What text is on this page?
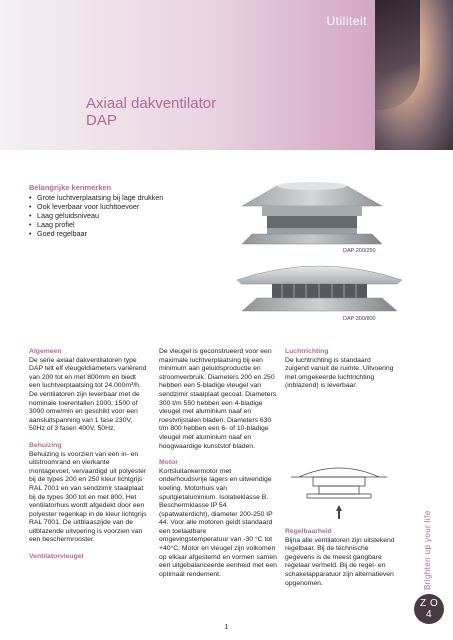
Utiliteit
Axiaal dakventilator
DAP
Belangrijke kenmerken
• Grote luchtverplaatsing bij lage drukken
• Ook leverbaar voor luchttoevoer
• Laag geluidsniveau
• Laag profiel
• Goed regelbaar
DAP 200/250
DAP 300/800
Algemeen

De serie axiaal dakventilatoren type DAP telt elf vleugeldiameters variërend van 200 tot en met 800mm en biedt een luchtverplaatsing tot 24.000m³/h. De ventilatoren zijn leverbaar met de nominale toerentallen 1000, 1500 of 3000 omw/min en geschikt voor een aansluitspanning van 1 fase 230V, 50Hz of 3 fasen 400V, 50Hz.

Behuizing

Behuizing is voorzien van een in- en uitstroomrand en vierkante montagevoet, vervaardigd uit polyester bij de types 200 en 250 kleur lichtgrijs RAL 7001 en van sendzimir staalplaat bij de types 300 tot en met 800. Het ventilatorhuis wordt afgedekt door een polyester regenkap in de kleur lichtgrijs RAL 7001. De uitblaaszijde van de uitblazende uitvoering is voorzien van een beschermrooster.

Ventilatorvleugel

De vleugel is geconstrueerd voor een maximale luchtverplaatsing bij een minimum aan geluidsproductie en stroomverbruik. Diameters 200 en 250 hebben een 5-bladige vleugel van sendzimir staalplaat gecoat. Diameters 300 t/m 550 hebben een 4-bladige vleugel met aluminium naaf en roestvrijstalen bladen. Diameters 630 t/m 800 hebben een 6- of 10-bladige vleugel met aluminium naaf en hoogwaardige kunststof bladen.

Motor

Kortsluitankermotor met onderhoudsvrije lagers en uitwendige koeling. Motorhuis van spuitgietaluminium. Isolatieklasse B. Beschermklasse IP 54 (spatwaterdicht), diameter 200-250 IP 44. Voor alle motoren geldt standaard een toelaatbare omgevingstemperatuur van -30 °C tot +40°C. Motor en vleugel zijn volkomen op elkaar afgestemd en vormen samen een uitgebalanceerde eenheid met een optimaal rendement.

Luchtrichting

De luchtrichting is standaard zuigend vanuit de ruimte. Uitvoering met omgekeerde luchtrichting (inblazend) is leverbaar.

Regelbaarheid

Bijna alle ventilatoren zijn uitstekend regelbaar. Bij de technische gegevens is de meest gangbare regelaar vermeld. Bij de regel- en schakelapparatuur zijn alternatieven opgenomen.	Brighten up your life
Z O
4
1
